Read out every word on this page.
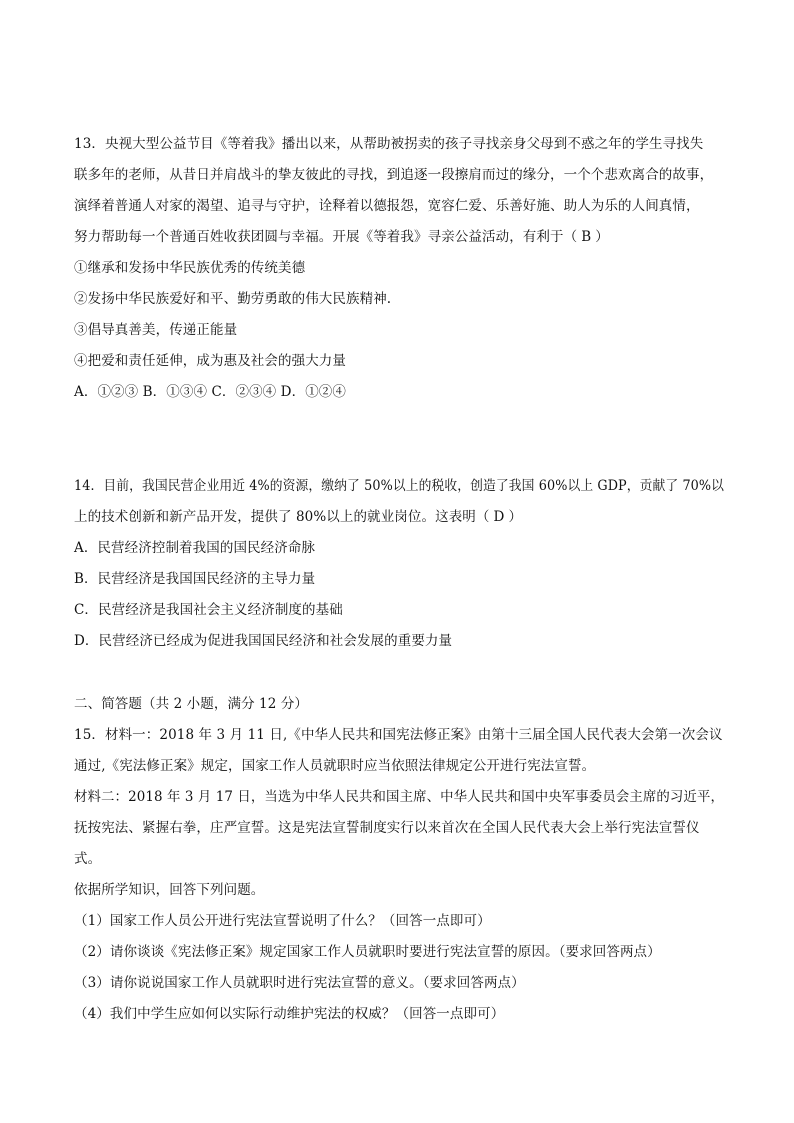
13．央视大型公益节目《等着我》播出以来，从帮助被拐卖的孩子寻找亲身父母到不惑之年的学生寻找失
联多年的老师，从昔日并肩战斗的挚友彼此的寻找，到追逐一段擦肩而过的缘分，一个个悲欢离合的故事，
演绎着普通人对家的渴望、追寻与守护，诠释着以德报怨，宽容仁爱、乐善好施、助人为乐的人间真情，
努力帮助每一个普通百姓收获团圆与幸福。开展《等着我》寻亲公益活动，有利于（ B ）
①继承和发扬中华民族优秀的传统美德
②发扬中华民族爱好和平、勤劳勇敢的伟大民族精神.
③倡导真善美，传递正能量
④把爱和责任延伸，成为惠及社会的强大力量
A．①②③ B．①③④ C．②③④ D．①②④
14．目前，我国民营企业用近 4%的资源，缴纳了 50%以上的税收，创造了我国 60%以上 GDP，贡献了 70%以
上的技术创新和新产品开发，提供了 80%以上的就业岗位。这表明（ D ）
A．民营经济控制着我国的国民经济命脉
B．民营经济是我国国民经济的主导力量
C．民营经济是我国社会主义经济制度的基础
D．民营经济已经成为促进我国国民经济和社会发展的重要力量
二、简答题（共 2 小题，满分 12 分）
15．材料一：2018 年 3 月 11 日,《中华人民共和国宪法修正案》由第十三届全国人民代表大会第一次会议
通过,《宪法修正案》规定，国家工作人员就职时应当依照法律规定公开进行宪法宣誓。
材料二：2018 年 3 月 17 日，当选为中华人民共和国主席、中华人民共和国中央军事委员会主席的习近平，
抚按宪法、紧握右拳，庄严宣誓。这是宪法宣誓制度实行以来首次在全国人民代表大会上举行宪法宣誓仪
式。
依据所学知识，回答下列问题。
（1）国家工作人员公开进行宪法宣誓说明了什么？（回答一点即可）
（2）请你谈谈《宪法修正案》规定国家工作人员就职时要进行宪法宣誓的原因。（要求回答两点）
（3）请你说说国家工作人员就职时进行宪法宣誓的意义。（要求回答两点）
（4）我们中学生应如何以实际行动维护宪法的权威？（回答一点即可）
